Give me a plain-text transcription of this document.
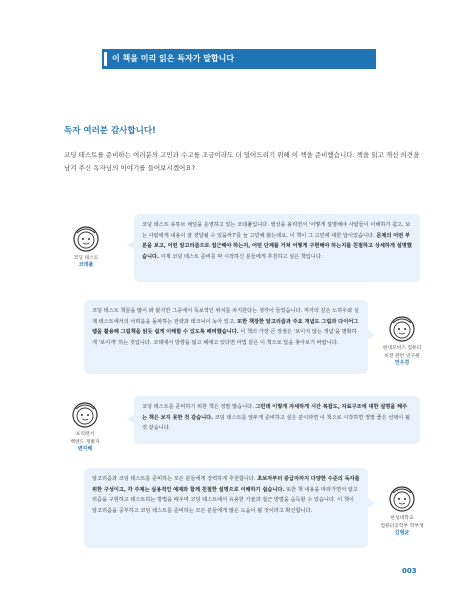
이 책을 미리 읽은 독자가 말합니다
독자 여러분 감사합니다!
코딩 테스트를 준비하는 여러분의 고민과 수고를 조금이라도 더 덜어드리기 위해 이 책을 준비했습니다. 책을 읽고 개선 의견을 남겨 주신 독자님의 이야기를 들어보시겠어요?
코딩 테스트
코데풀
코딩 테스트 유튜브 채널을 운영하고 있는 코데풀입니다. 영상을 올리면서 '어떻게 설명해야 사람들이 이해하기 쉽고, 보는 사람에게 내용이 잘 전달될 수 있을까?'를 늘 고민해 왔는데요, 이 책이 그 고민에 대한 답이었습니다. 문제의 어떤 부분을 보고, 어떤 알고리즘으로 접근해야 하는지, 어떤 단계를 거쳐 어떻게 구현해야 하는지를 친절하고 상세하게 설명했습니다. 이제 코딩 테스트 준비를 막 시작하신 분들에게 추천하고 싶은 책입니다.
코딩 테스트 책들을 많이 봐 왔지만 그중에서 독보적인 위치를 차지한다는 생각이 들었습니다. 저자의 깊은 노하우와 실제 테스트에서의 어려움을 돌파하는 전략과 테크닉이 녹아 있고, 또한 책장한 알고리즘과 주요 개념도 그림과 다이어그램을 활용해 그림책을 읽듯 쉽게 이해할 수 있도록 배려했습니다. 이 책의 가장 큰 장점은 '보이지 않는 개념'을 명확하게 '보이게' 하는 것입니다. 코테에서 방향을 잃고 헤매고 있다면 마법 같은 이 책으로 답을 찾아보기 바랍니다.
현대모비스 컴퓨터
비전 관련 연구원
연우경
프리랜서
백엔드 개발자
변지혜
코딩 테스트를 준비하기 위한 책은 정말 많습니다. 그런데 이렇게 자세하게 시간 복잡도, 자료구조에 대한 설명을 해주는 책은 보지 못한 것 같습니다. 코딩 테스트를 앞두게 준비하고 싶은 분이라면 이 책으로 시작하면 정말 좋은 선택이 될 것 같습니다.
알고리즘과 코딩 테스트를 준비하는 모든 분들에게 강력하게 추천합니다. 초보자부터 중급자까지 다양한 수준의 독자를 위한 구성이고, 각 주제는 실용적인 예제와 함께 친절한 설명으로 이해하기 쉽습니다. 또한 책 내용을 따라가면서 알고리즘을 구현하고 테스트하는 방법을 배우며 코딩 테스트에서 유용한 기술과 접근 방법을 습득할 수 있습니다. 이 책이 알고리즘을 공부하고 코딩 테스트를 준비하는 모든 분들에게 많은 도움이 될 것이라고 확신합니다.
한성대학교
컴퓨터공학부 학부생
김형균
003
